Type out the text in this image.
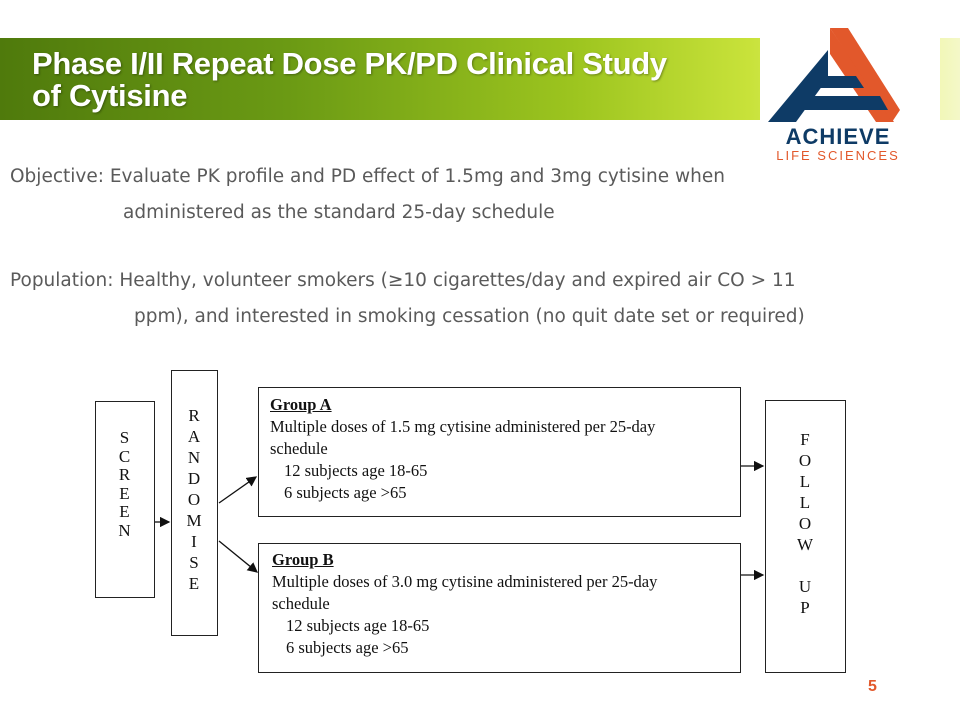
Phase I/II Repeat Dose PK/PD Clinical Study
of Cytisine

ACHIEVE

LIFE SCIENCES

Objective: Evaluate PK profile and PD effect of 1.5mg and 3mg cytisine when
administered as the standard 25-day schedule

Population: Healthy, volunteer smokers (≥10 cigarettes/day and expired air CO > 11
ppm), and interested in smoking cessation (no quit date set or required)

S
C
R
E
E
N
R
A
N
D
O
M
I
S
E
Group A
Multiple doses of 1.5 mg cytisine administered per 25-day
schedule

12 subjects age 18-65
6 subjects age >65
Group B
Multiple doses of 3.0 mg cytisine administered per 25-day
schedule

12 subjects age 18-65
6 subjects age >65
F
O
L
L
O
W

U
P
5
